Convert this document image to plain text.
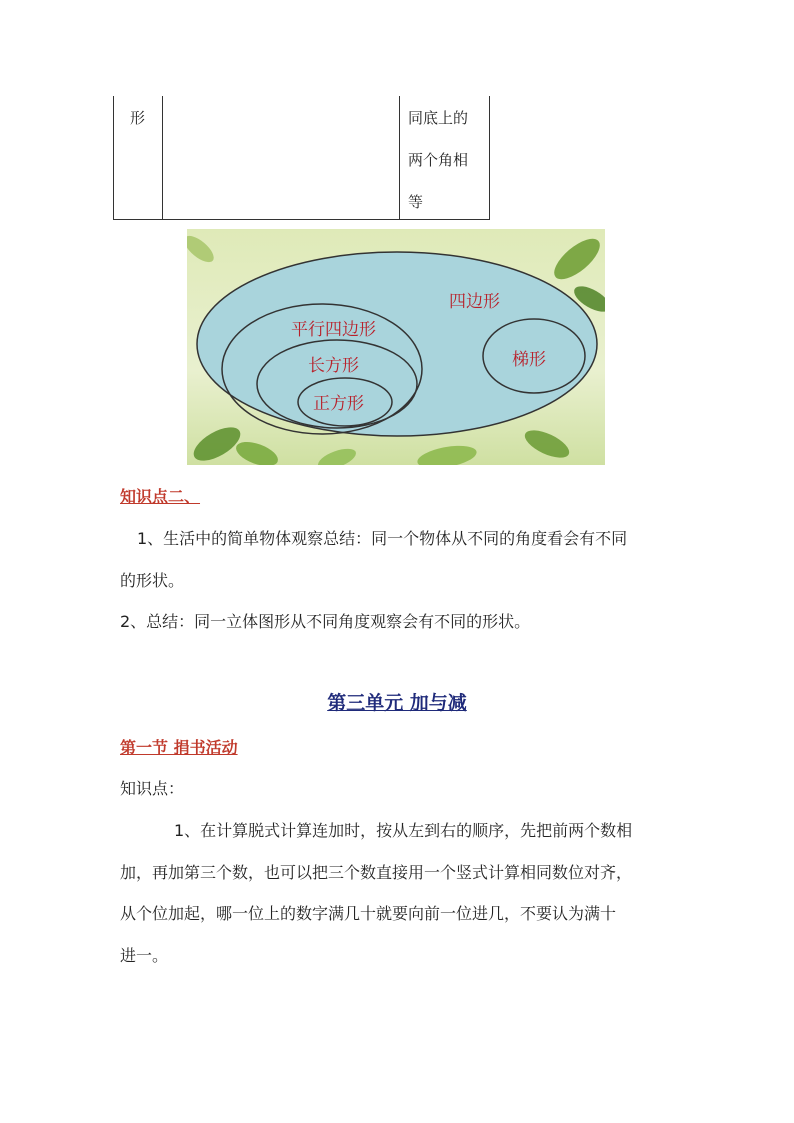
形	同底上的
两个角相
等
四边形
平行四边形
长方形
正方形
梯形
知识点二、
1、生活中的简单物体观察总结：同一个物体从不同的角度看会有不同
的形状。
2、总结：同一立体图形从不同角度观察会有不同的形状。
第三单元 加与减
第一节 捐书活动
知识点：
1、在计算脱式计算连加时，按从左到右的顺序，先把前两个数相
加，再加第三个数，也可以把三个数直接用一个竖式计算相同数位对齐，
从个位加起，哪一位上的数字满几十就要向前一位进几，不要认为满十
进一。
